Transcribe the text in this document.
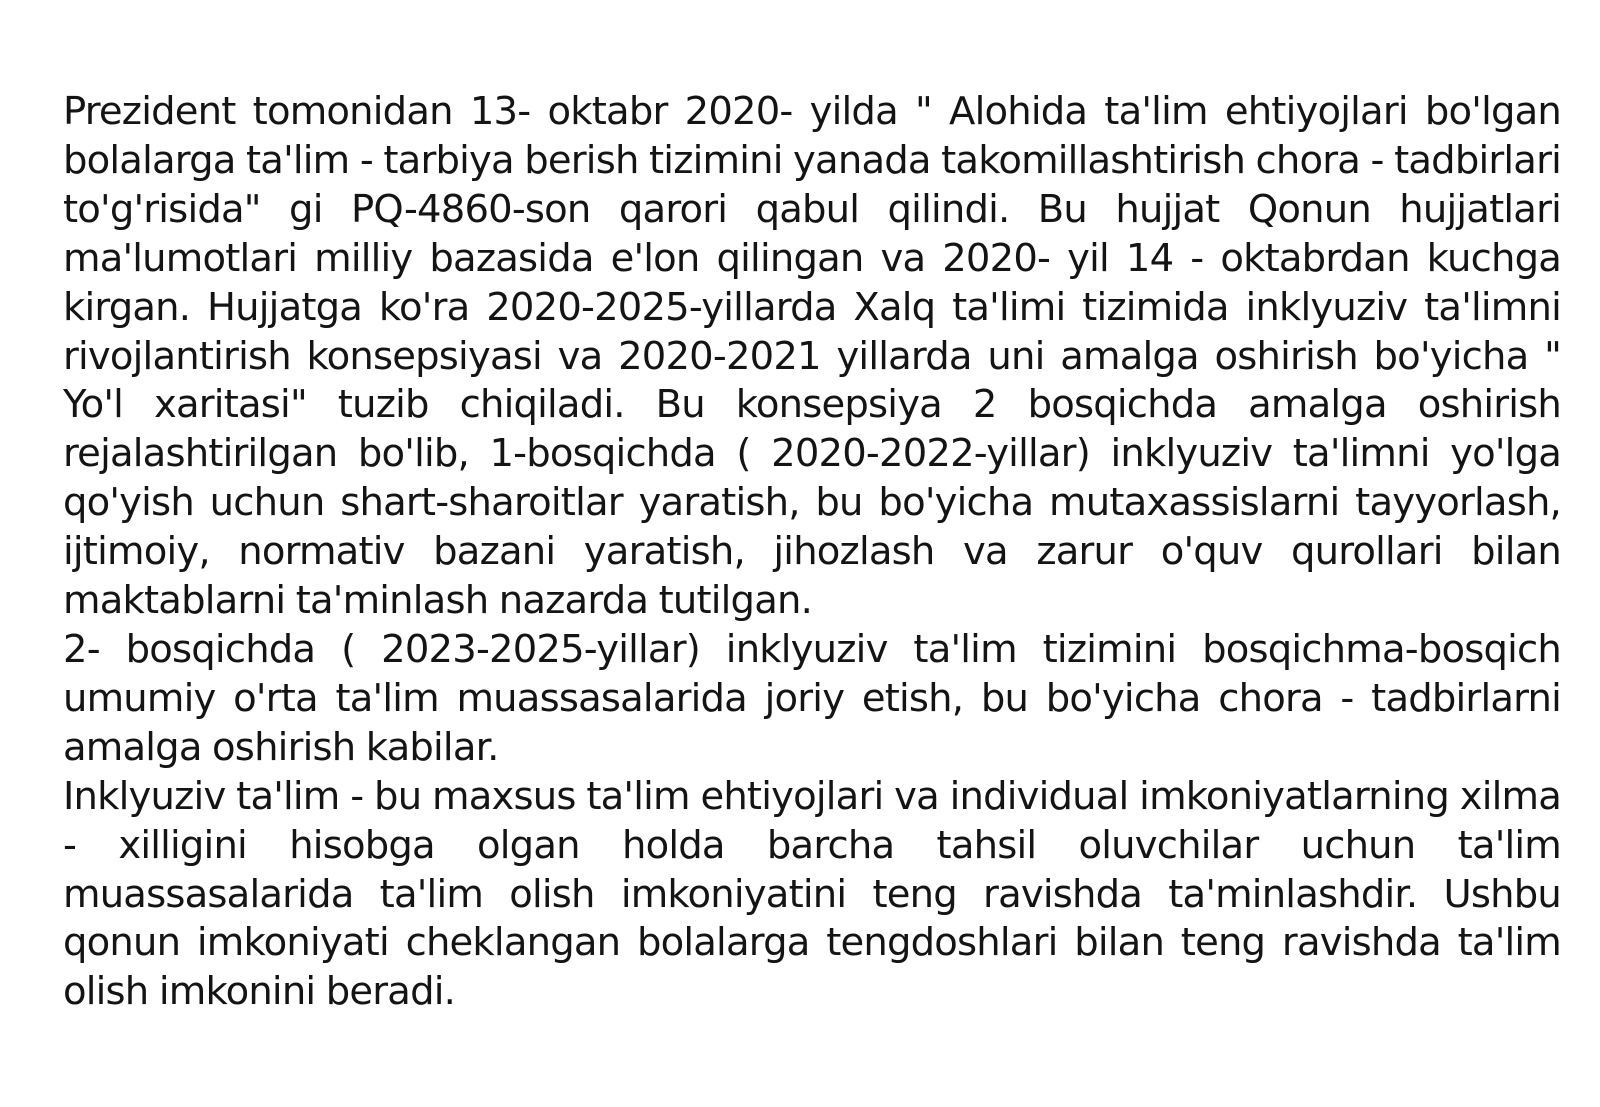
Prezident tomonidan 13- oktabr 2020- yilda " Alohida ta'lim ehtiyojlari bo'lgan bolalarga ta'lim - tarbiya berish tizimini yanada takomillashtirish chora - tadbirlari to'g'risida" gi PQ-4860-son qarori qabul qilindi. Bu hujjat Qonun hujjatlari ma'lumotlari milliy bazasida e'lon qilingan va 2020- yil 14 - oktabrdan kuchga kirgan. Hujjatga ko'ra 2020-2025-yillarda Xalq ta'limi tizimida inklyuziv ta'limni rivojlantirish konsepsiyasi va 2020-2021 yillarda uni amalga oshirish bo'yicha " Yo'l xaritasi" tuzib chiqiladi. Bu konsepsiya 2 bosqichda amalga oshirish rejalashtirilgan bo'lib, 1-bosqichda ( 2020-2022-yillar) inklyuziv ta'limni yo'lga qo'yish uchun shart-sharoitlar yaratish, bu bo'yicha mutaxassislarni tayyorlash, ijtimoiy, normativ bazani yaratish, jihozlash va zarur o'quv qurollari bilan maktablarni ta'minlash nazarda tutilgan.

2- bosqichda ( 2023-2025-yillar) inklyuziv ta'lim tizimini bosqichma-bosqich umumiy o'rta ta'lim muassasalarida joriy etish, bu bo'yicha chora - tadbirlarni amalga oshirish kabilar.

Inklyuziv ta'lim - bu maxsus ta'lim ehtiyojlari va individual imkoniyatlarning xilma - xilligini hisobga olgan holda barcha tahsil oluvchilar uchun ta'lim muassasalarida ta'lim olish imkoniyatini teng ravishda ta'minlashdir. Ushbu qonun imkoniyati cheklangan bolalarga tengdoshlari bilan teng ravishda ta'lim olish imkonini beradi.
